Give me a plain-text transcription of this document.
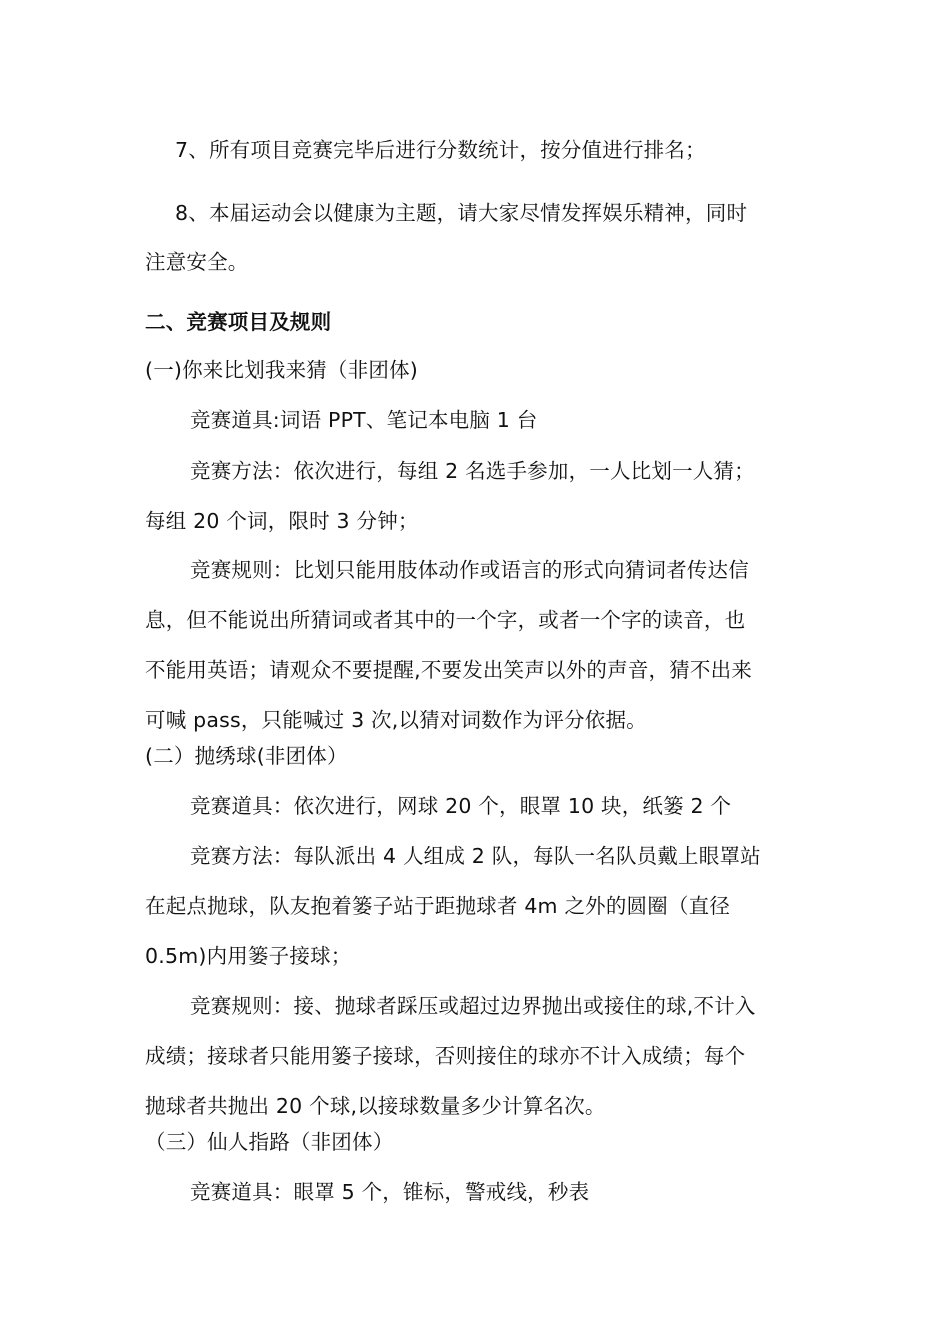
7、所有项目竞赛完毕后进行分数统计，按分值进行排名；
8、本届运动会以健康为主题，请大家尽情发挥娱乐精神，同时
注意安全。
二、竞赛项目及规则
(一)你来比划我来猜（非团体)
竞赛道具:词语 PPT、笔记本电脑 1 台
竞赛方法：依次进行，每组 2 名选手参加，一人比划一人猜；
每组 20 个词，限时 3 分钟；
竞赛规则：比划只能用肢体动作或语言的形式向猜词者传达信
息，但不能说出所猜词或者其中的一个字，或者一个字的读音，也
不能用英语；请观众不要提醒,不要发出笑声以外的声音，猜不出来
可喊 pass，只能喊过 3 次,以猜对词数作为评分依据。
(二）抛绣球(非团体）
竞赛道具：依次进行，网球 20 个，眼罩 10 块，纸篓 2 个
竞赛方法：每队派出 4 人组成 2 队，每队一名队员戴上眼罩站
在起点抛球，队友抱着篓子站于距抛球者 4m 之外的圆圈（直径
0.5m)内用篓子接球；
竞赛规则：接、抛球者踩压或超过边界抛出或接住的球,不计入
成绩；接球者只能用篓子接球，否则接住的球亦不计入成绩；每个
抛球者共抛出 20 个球,以接球数量多少计算名次。
（三）仙人指路（非团体）
竞赛道具：眼罩 5 个，锥标，警戒线，秒表
